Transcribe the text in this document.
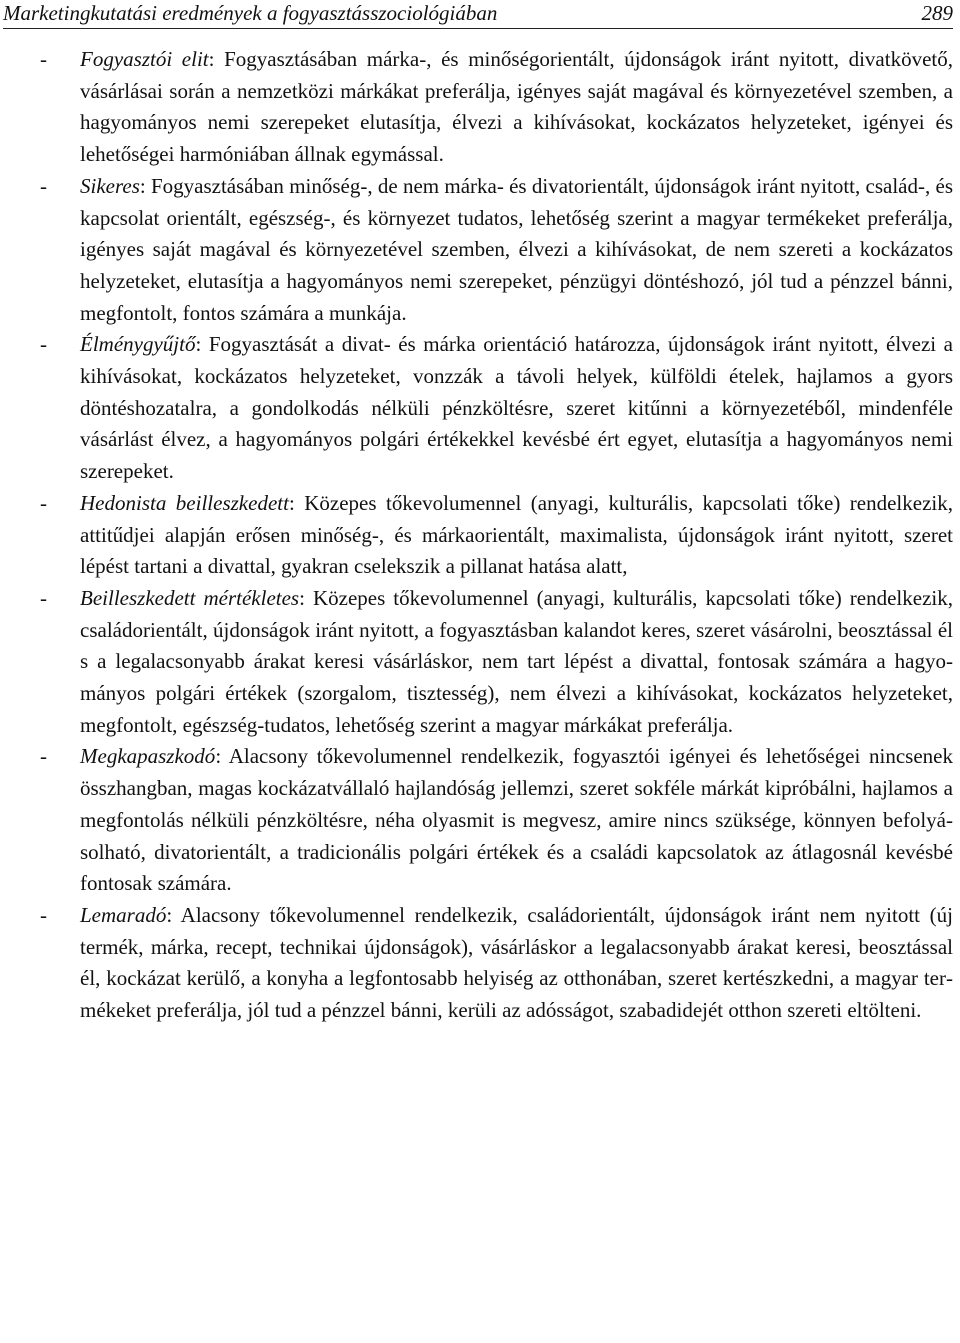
Marketingkutatási eredmények a fogyasztásszociológiában	289
- Fogyasztói elit: Fogyasztásában márka-, és minőségorientált, újdonságok iránt nyitott, divatkövető, vásárlásai során a nemzetközi márkákat preferálja, igényes saját magával és környezetével szemben, a hagyományos nemi szerepeket elutasítja, élvezi a kihívásokat, kockázatos helyzeteket, igényei és lehetőségei harmóniában állnak egymással.
- Sikeres: Fogyasztásában minőség-, de nem márka- és divatorientált, újdonságok iránt nyitott, család-, és kapcsolat orientált, egészség-, és környezet tudatos, lehetőség szerint a magyar termékeket preferálja, igényes saját magával és környezetével szemben, élvezi a kihívásokat, de nem szereti a kockázatos helyzeteket, elutasítja a hagyományos nemi szerepeket, pénzügyi döntéshozó, jól tud a pénzzel bánni, megfontolt, fontos számára a munkája.
- Élménygyűjtő: Fogyasztását a divat- és márka orientáció határozza, újdonságok iránt nyitott, élvezi a kihívásokat, kockázatos helyzeteket, vonzzák a távoli helyek, külföldi ételek, hajlamos a gyors döntéshozatalra, a gondolkodás nélküli pénzköltésre, szeret kitűnni a környezetéből, mindenféle vásárlást élvez, a hagyományos polgári értékekkel kevésbé ért egyet, elutasítja a hagyományos nemi szerepeket.
- Hedonista beilleszkedett: Közepes tőkevolumennel (anyagi, kulturális, kapcsolati tőke) rendelkezik, attitűdjei alapján erősen minőség-, és márkaorientált, maximalista, újdonságok iránt nyitott, szeret lépést tartani a divattal, gyakran cselekszik a pillanat hatása alatt,
- Beilleszkedett mértékletes: Közepes tőkevolumennel (anyagi, kulturális, kapcsolati tőke) rendelkezik, családorientált, újdonságok iránt nyitott, a fogyasztásban kalandot keres, szeret vásárolni, beosztással él s a legalacsonyabb árakat keresi vásárláskor, nem tart lépést a divattal, fontosak számára a hagyományos polgári értékek (szorgalom, tisztesség), nem élvezi a kihívásokat, kockázatos helyzeteket, megfontolt, egészség-tudatos, lehetőség szerint a magyar márkákat preferálja.
- Megkapaszkodó: Alacsony tőkevolumennel rendelkezik, fogyasztói igényei és lehetőségei nincsenek összhangban, magas kockázatvállaló hajlandóság jellemzi, szeret sokféle márkát kipróbálni, hajlamos a megfontolás nélküli pénzköltésre, néha olyasmit is megvesz, amire nincs szüksége, könnyen befolyásolható, divatorientált, a tradicionális polgári értékek és a családi kapcsolatok az átlagosnál kevésbé fontosak számára.
- Lemaradó: Alacsony tőkevolumennel rendelkezik, családorientált, újdonságok iránt nem nyitott (új termék, márka, recept, technikai újdonságok), vásárláskor a legalacsonyabb árakat keresi, beosztással él, kockázat kerülő, a konyha a legfontosabb helyiség az otthonában, szeret kertészkedni, a magyar termékeket preferálja, jól tud a pénzzel bánni, kerüli az adósságot, szabadidejét otthon szereti eltölteni.
